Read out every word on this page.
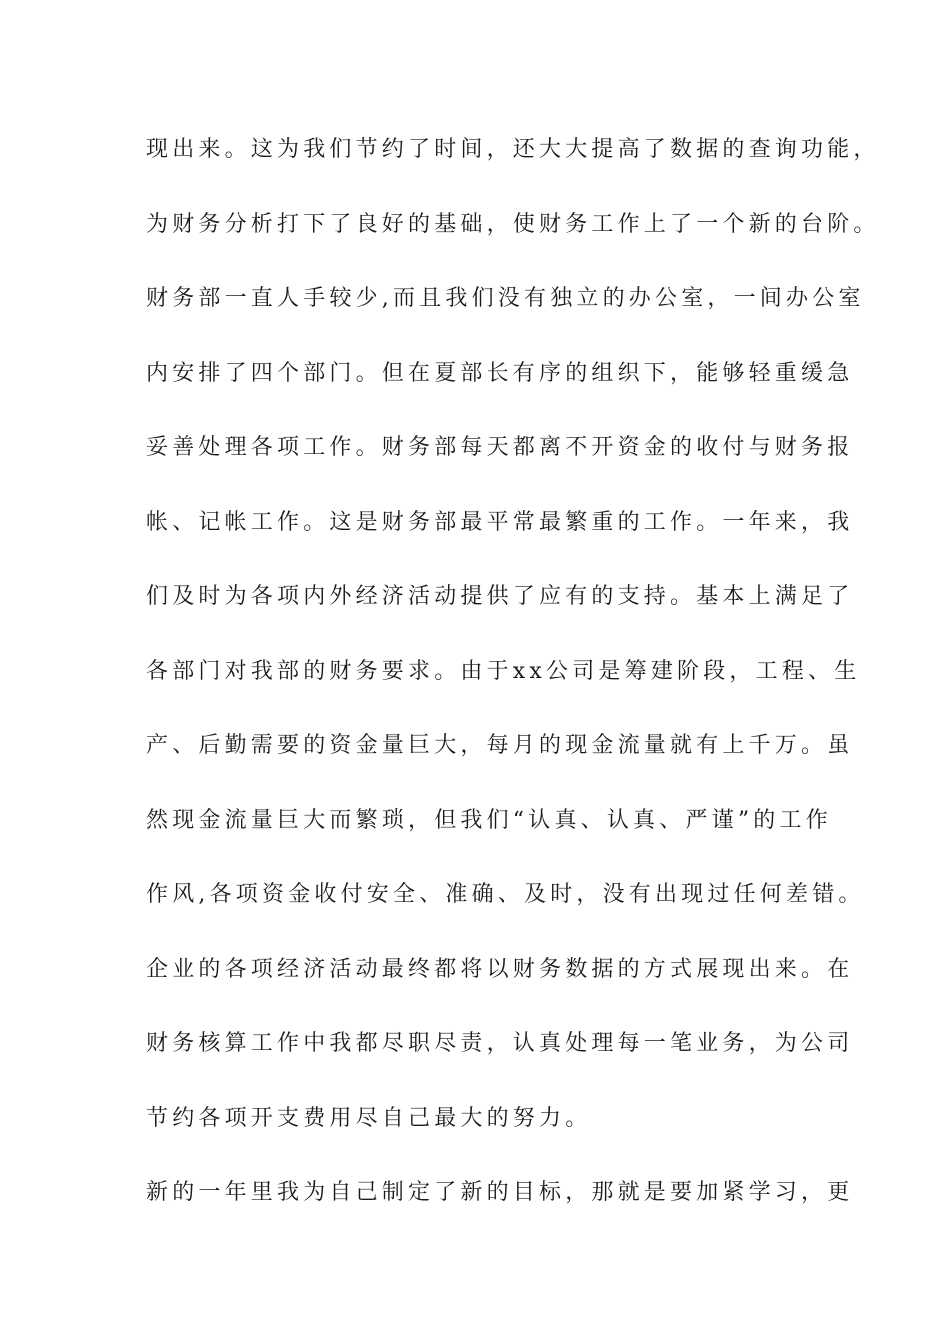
现出来。这为我们节约了时间，还大大提高了数据的查询功能，
为财务分析打下了良好的基础，使财务工作上了一个新的台阶。
财务部一直人手较少,而且我们没有独立的办公室，一间办公室
内安排了四个部门。但在夏部长有序的组织下，能够轻重缓急
妥善处理各项工作。财务部每天都离不开资金的收付与财务报
帐、记帐工作。这是财务部最平常最繁重的工作。一年来，我
们及时为各项内外经济活动提供了应有的支持。基本上满足了
各部门对我部的财务要求。由于xx公司是筹建阶段，工程、生
产、后勤需要的资金量巨大，每月的现金流量就有上千万。虽
然现金流量巨大而繁琐，但我们“认真、认真、严谨”的工作
作风,各项资金收付安全、准确、及时，没有出现过任何差错。
企业的各项经济活动最终都将以财务数据的方式展现出来。在
财务核算工作中我都尽职尽责，认真处理每一笔业务，为公司
节约各项开支费用尽自己最大的努力。
新的一年里我为自己制定了新的目标，那就是要加紧学习，更
